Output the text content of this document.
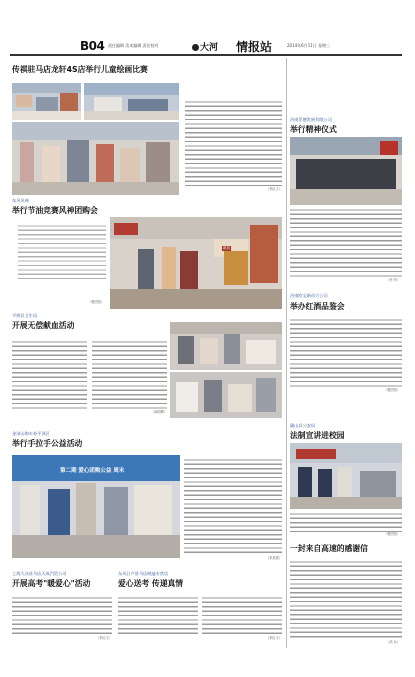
B04 责任编辑 美术编辑 责任校对	大河 情报站	2014年6月11日 星期三
传祺驻马店龙轩4S店举行儿童绘画比赛
（李红义）
东风风神
举行节油竞赛风神团购会
（鲁国恒）
新品
平舆县卫生局
开展无偿献血活动
（商明辉）
金泽山购车券平顶区
举行手拉手公益活动
第二期 爱心团购公益 周末
（李其燕）
上海大众驻马店天成汽贸公司
开展高考"暖爱心"活动
（李红义）
东风日产驻马店晓迪专营店
爱心送考 传递真情
（李红义）
河南菲德发展有限公司
举行精神仪式
（李 华）
河南欧宝新动力公司
举办红酒品鉴会
（鲁国恒）
确山县公安局
法制宣讲进校园
（鲁国恒）
一封来自高速的感谢信
（高 兵）
